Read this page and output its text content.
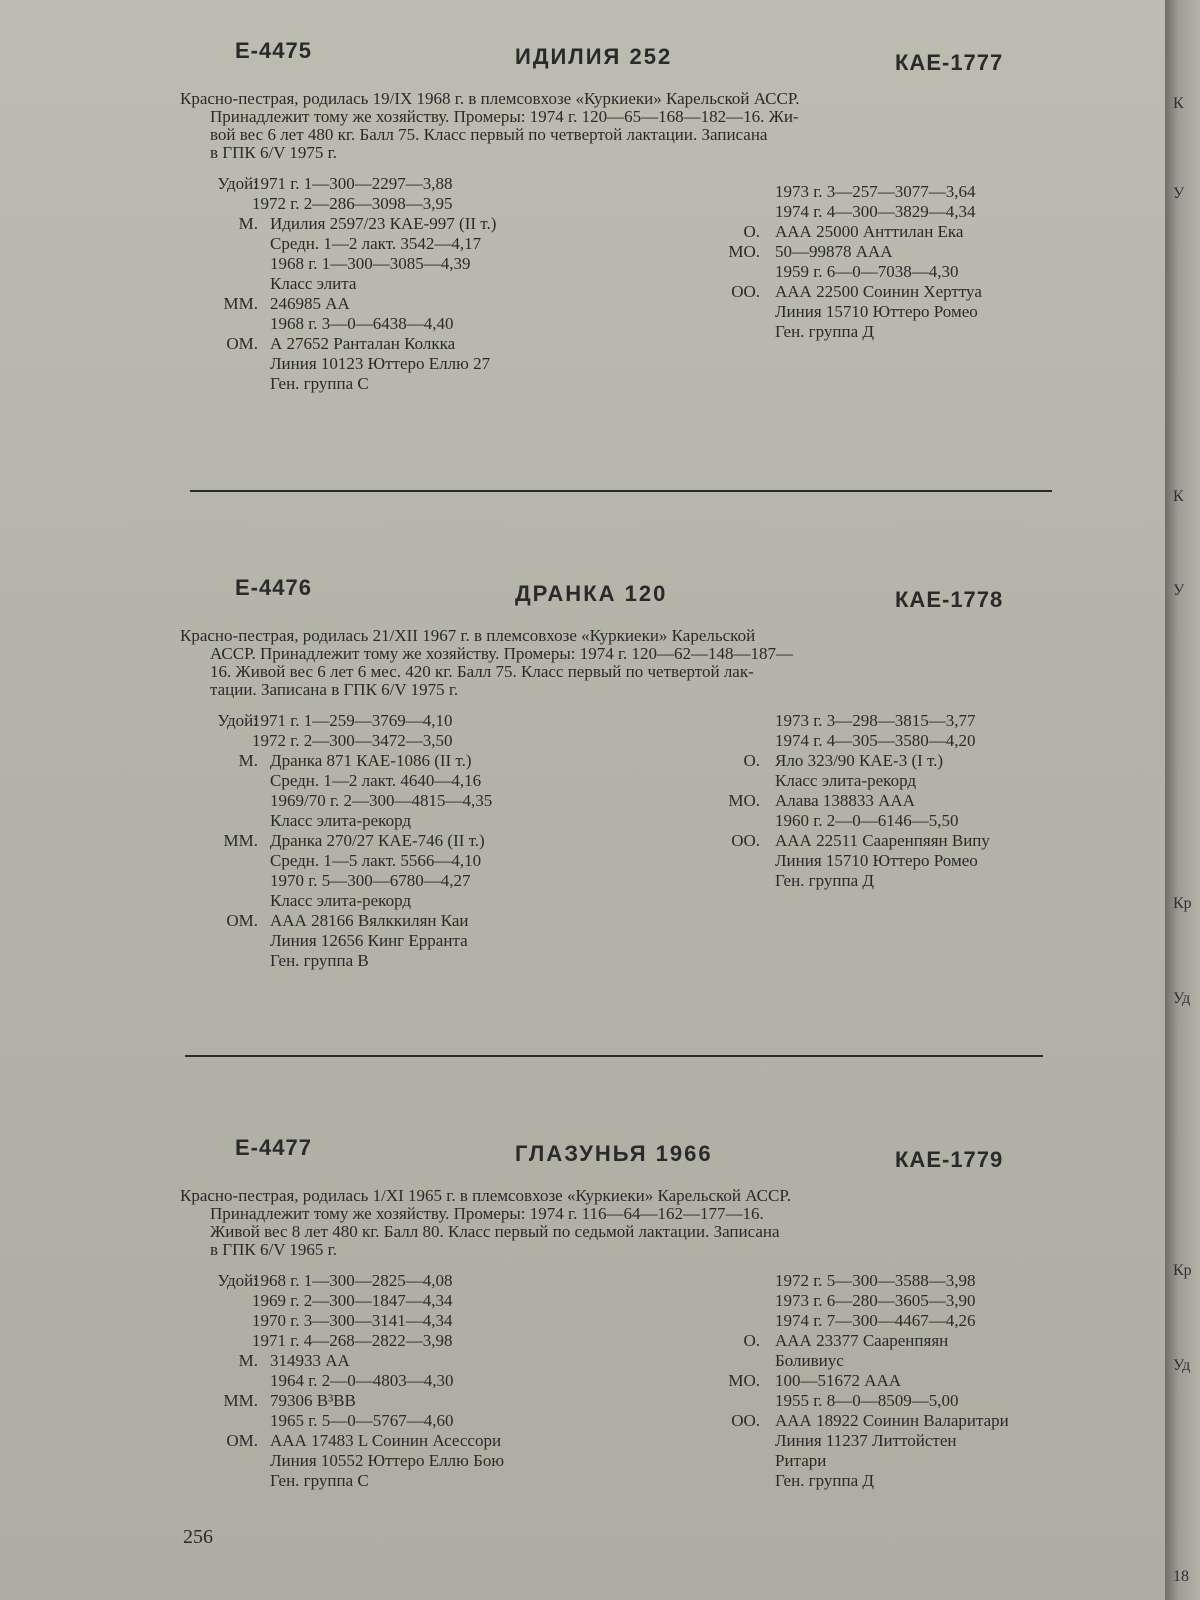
Е-4475	ИДИЛИЯ 252	КАЕ-1777
Красно-пестрая, родилась 19/IX 1968 г. в племсовхозе «Куркиеки» Карельской АССР.
Принадлежит тому же хозяйству. Промеры: 1974 г. 120—65—168—182—16. Жи-
вой вес 6 лет 480 кг. Балл 75. Класс первый по четвертой лактации. Записана
в ГПК 6/V 1975 г.
Удой:
1971 г. 1—300—2297—3,88
1972 г. 2—286—3098—3,95
М. Идилия 2597/23 КАЕ-997 (II т.)
Средн. 1—2 лакт. 3542—4,17
1968 г. 1—300—3085—4,39
Класс элита
ММ. 246985 АА
1968 г. 3—0—6438—4,40
ОМ. А 27652 Ранталан Колкка
Линия 10123 Юттеро Еллю 27
Ген. группа С
1973 г. 3—257—3077—3,64
1974 г. 4—300—3829—4,34
О. ААА 25000 Анттилан Ека
МО. 50—99878 ААА
1959 г. 6—0—7038—4,30
ОО. ААА 22500 Соинин Херттуа
Линия 15710 Юттеро Ромео
Ген. группа Д
Е-4476	ДРАНКА 120	КАЕ-1778
Красно-пестрая, родилась 21/XII 1967 г. в племсовхозе «Куркиеки» Карельской
АССР. Принадлежит тому же хозяйству. Промеры: 1974 г. 120—62—148—187—
16. Живой вес 6 лет 6 мес. 420 кг. Балл 75. Класс первый по четвертой лак-
тации. Записана в ГПК 6/V 1975 г.
Удой:
1971 г. 1—259—3769—4,10
1972 г. 2—300—3472—3,50
М. Дранка 871 КАЕ-1086 (II т.)
Средн. 1—2 лакт. 4640—4,16
1969/70 г. 2—300—4815—4,35
Класс элита-рекорд
ММ. Дранка 270/27 КАЕ-746 (II т.)
Средн. 1—5 лакт. 5566—4,10
1970 г. 5—300—6780—4,27
Класс элита-рекорд
ОМ. ААА 28166 Вялккилян Каи
Линия 12656 Кинг Ерранта
Ген. группа В
1973 г. 3—298—3815—3,77
1974 г. 4—305—3580—4,20
О. Яло 323/90 КАЕ-3 (I т.)
Класс элита-рекорд
МО. Алава 138833 ААА
1960 г. 2—0—6146—5,50
ОО. ААА 22511 Сааренпяян Випу
Линия 15710 Юттеро Ромео
Ген. группа Д
Е-4477	ГЛАЗУНЬЯ 1966	КАЕ-1779
Красно-пестрая, родилась 1/XI 1965 г. в племсовхозе «Куркиеки» Карельской АССР.
Принадлежит тому же хозяйству. Промеры: 1974 г. 116—64—162—177—16.
Живой вес 8 лет 480 кг. Балл 80. Класс первый по седьмой лактации. Записана
в ГПК 6/V 1965 г.
Удой:
1968 г. 1—300—2825—4,08
1969 г. 2—300—1847—4,34
1970 г. 3—300—3141—4,34
1971 г. 4—268—2822—3,98
М. 314933 АА
1964 г. 2—0—4803—4,30
ММ. 79306 В³ВВ
1965 г. 5—0—5767—4,60
ОМ. ААА 17483 L Соинин Асессори
Линия 10552 Юттеро Еллю Бою
Ген. группа С
1972 г. 5—300—3588—3,98
1973 г. 6—280—3605—3,90
1974 г. 7—300—4467—4,26
О. ААА 23377 Сааренпяян
Боливиус
МО. 100—51672 ААА
1955 г. 8—0—8509—5,00
ОО. ААА 18922 Соинин Валаритари
Линия 11237 Литтойстен
Ритари
Ген. группа Д
256
К
У
К
У
Кр
Уд
Кр
Уд
18
